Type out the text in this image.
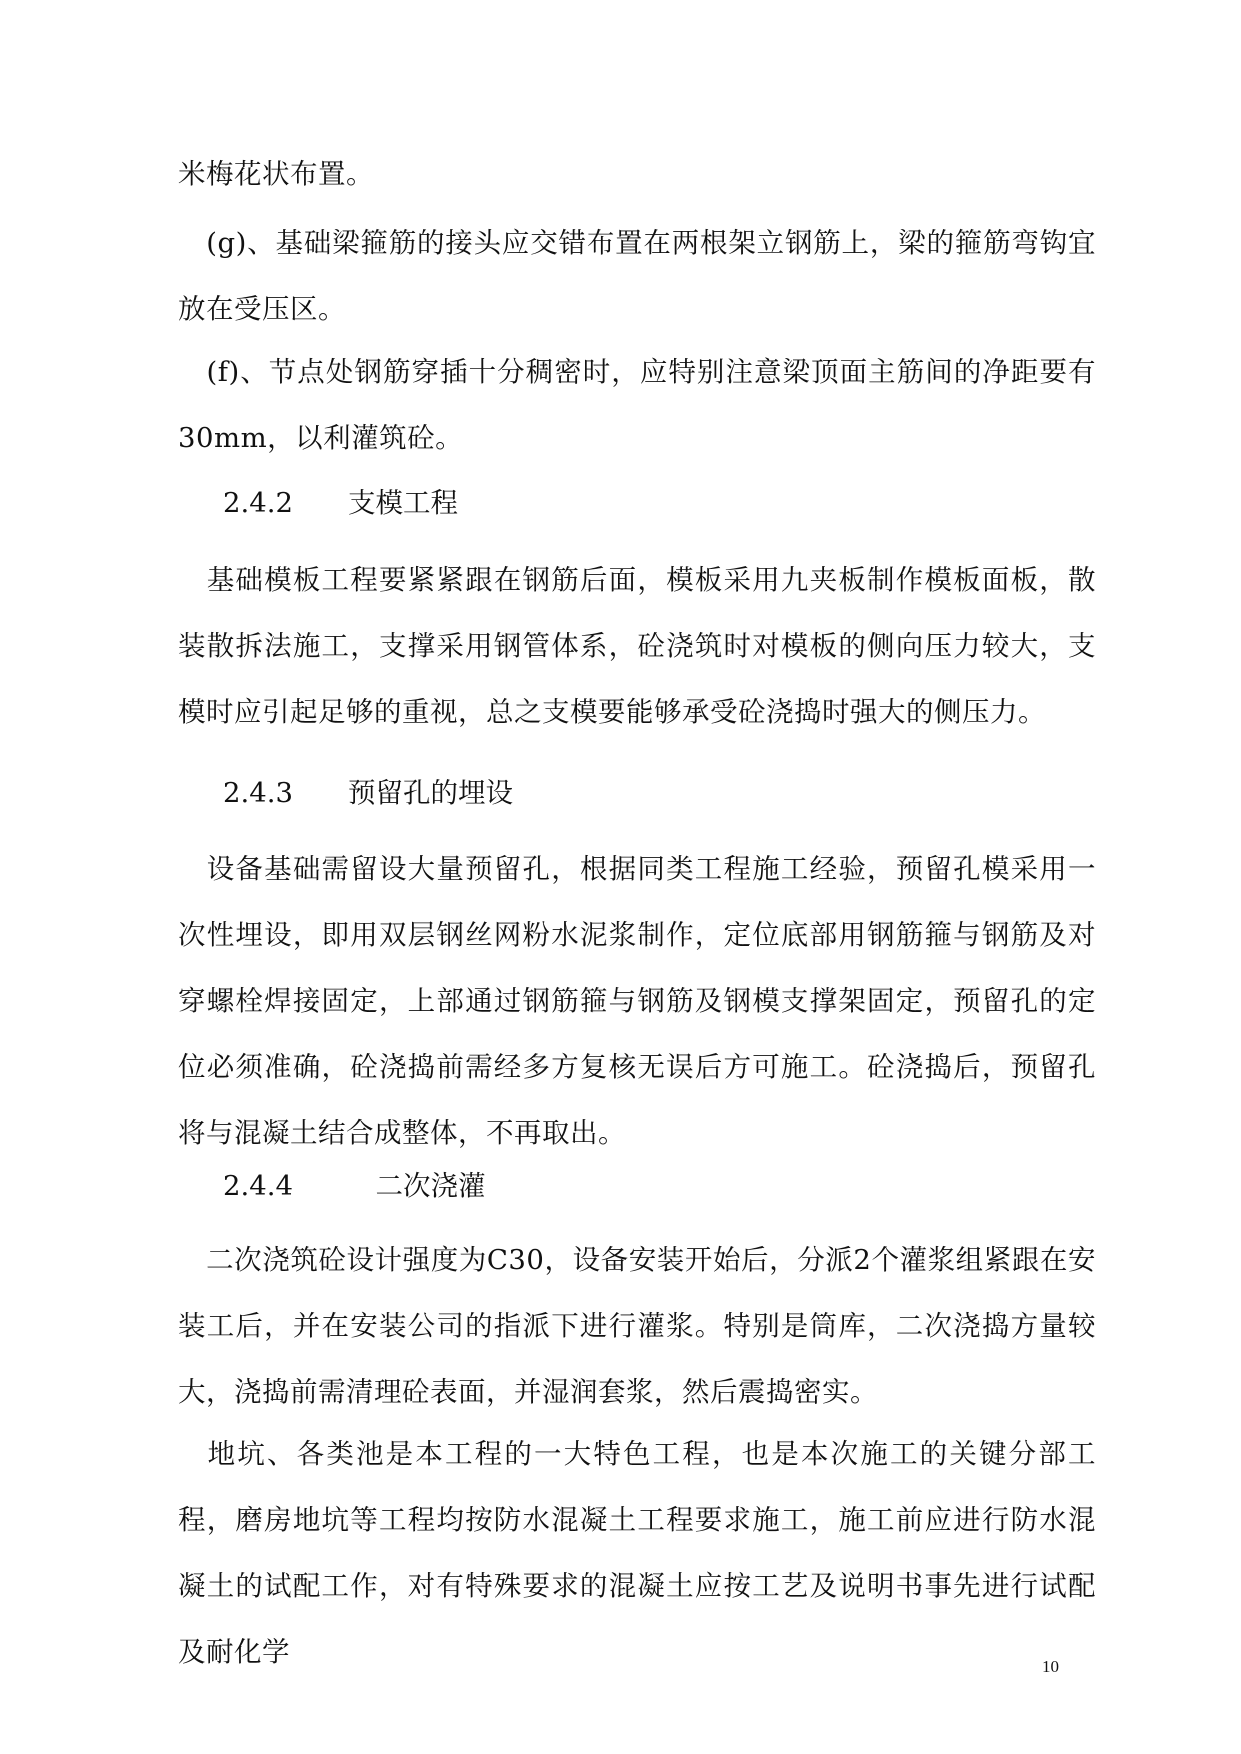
米梅花状布置。

　(g)、基础梁箍筋的接头应交错布置在两根架立钢筋上，梁的箍筋弯钩宜放在受压区。

　(f)、节点处钢筋穿插十分稠密时，应特别注意梁顶面主筋间的净距要有30mm，以利灌筑砼。

2.4.2　　支模工程

　基础模板工程要紧紧跟在钢筋后面，模板采用九夹板制作模板面板，散装散拆法施工，支撑采用钢管体系，砼浇筑时对模板的侧向压力较大，支模时应引起足够的重视，总之支模要能够承受砼浇捣时强大的侧压力。

2.4.3　　预留孔的埋设

　设备基础需留设大量预留孔，根据同类工程施工经验，预留孔模采用一次性埋设，即用双层钢丝网粉水泥浆制作，定位底部用钢筋箍与钢筋及对穿螺栓焊接固定，上部通过钢筋箍与钢筋及钢模支撑架固定，预留孔的定位必须准确，砼浇捣前需经多方复核无误后方可施工。砼浇捣后，预留孔将与混凝土结合成整体，不再取出。

2.4.4　　　二次浇灌

　二次浇筑砼设计强度为C30，设备安装开始后，分派2个灌浆组紧跟在安装工后，并在安装公司的指派下进行灌浆。特别是筒库，二次浇捣方量较大，浇捣前需清理砼表面，并湿润套浆，然后震捣密实。

　地坑、各类池是本工程的一大特色工程，也是本次施工的关键分部工程，磨房地坑等工程均按防水混凝土工程要求施工，施工前应进行防水混凝土的试配工作，对有特殊要求的混凝土应按工艺及说明书事先进行试配及耐化学	10
